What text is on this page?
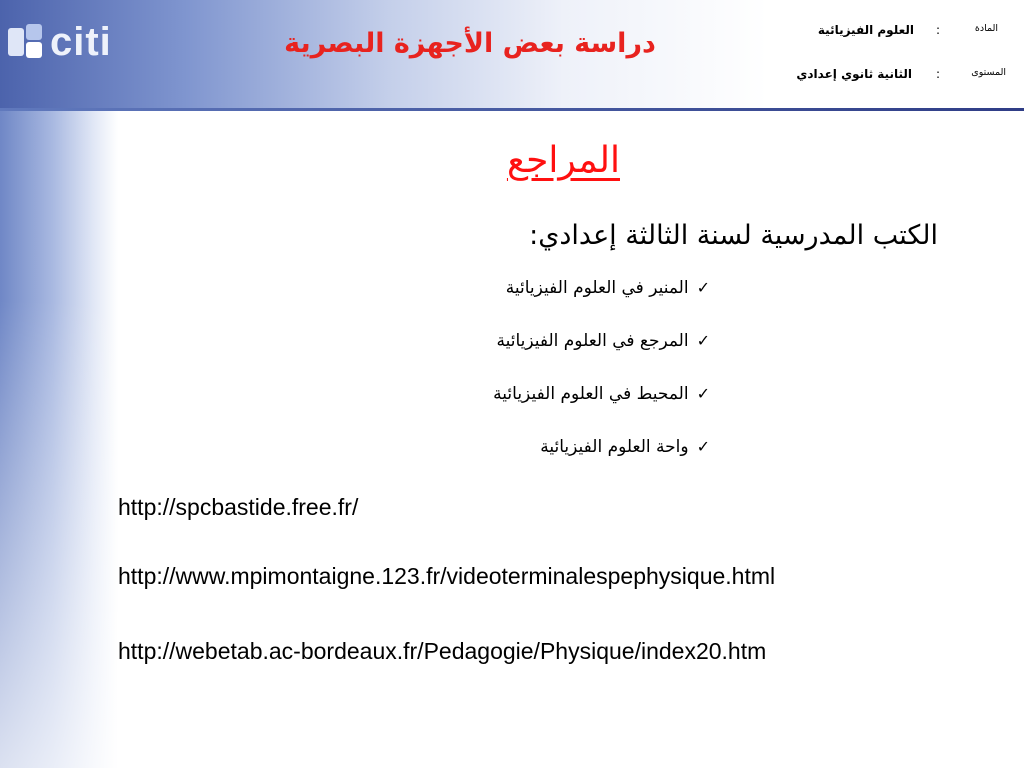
citi	دراسة بعض الأجهزة البصرية	المادة
:
العلوم الفيزيائية
المستوى
:
الثانية ثانوي إعدادي
المراجع
الكتب المدرسية لسنة الثالثة إعدادي:
✓المنير في العلوم الفيزيائية
✓المرجع في العلوم الفيزيائية
✓المحيط في العلوم الفيزيائية
✓واحة العلوم الفيزيائية
http://spcbastide.free.fr/
http://www.mpimontaigne.123.fr/videoterminalespephysique.html
http://webetab.ac-bordeaux.fr/Pedagogie/Physique/index20.htm
